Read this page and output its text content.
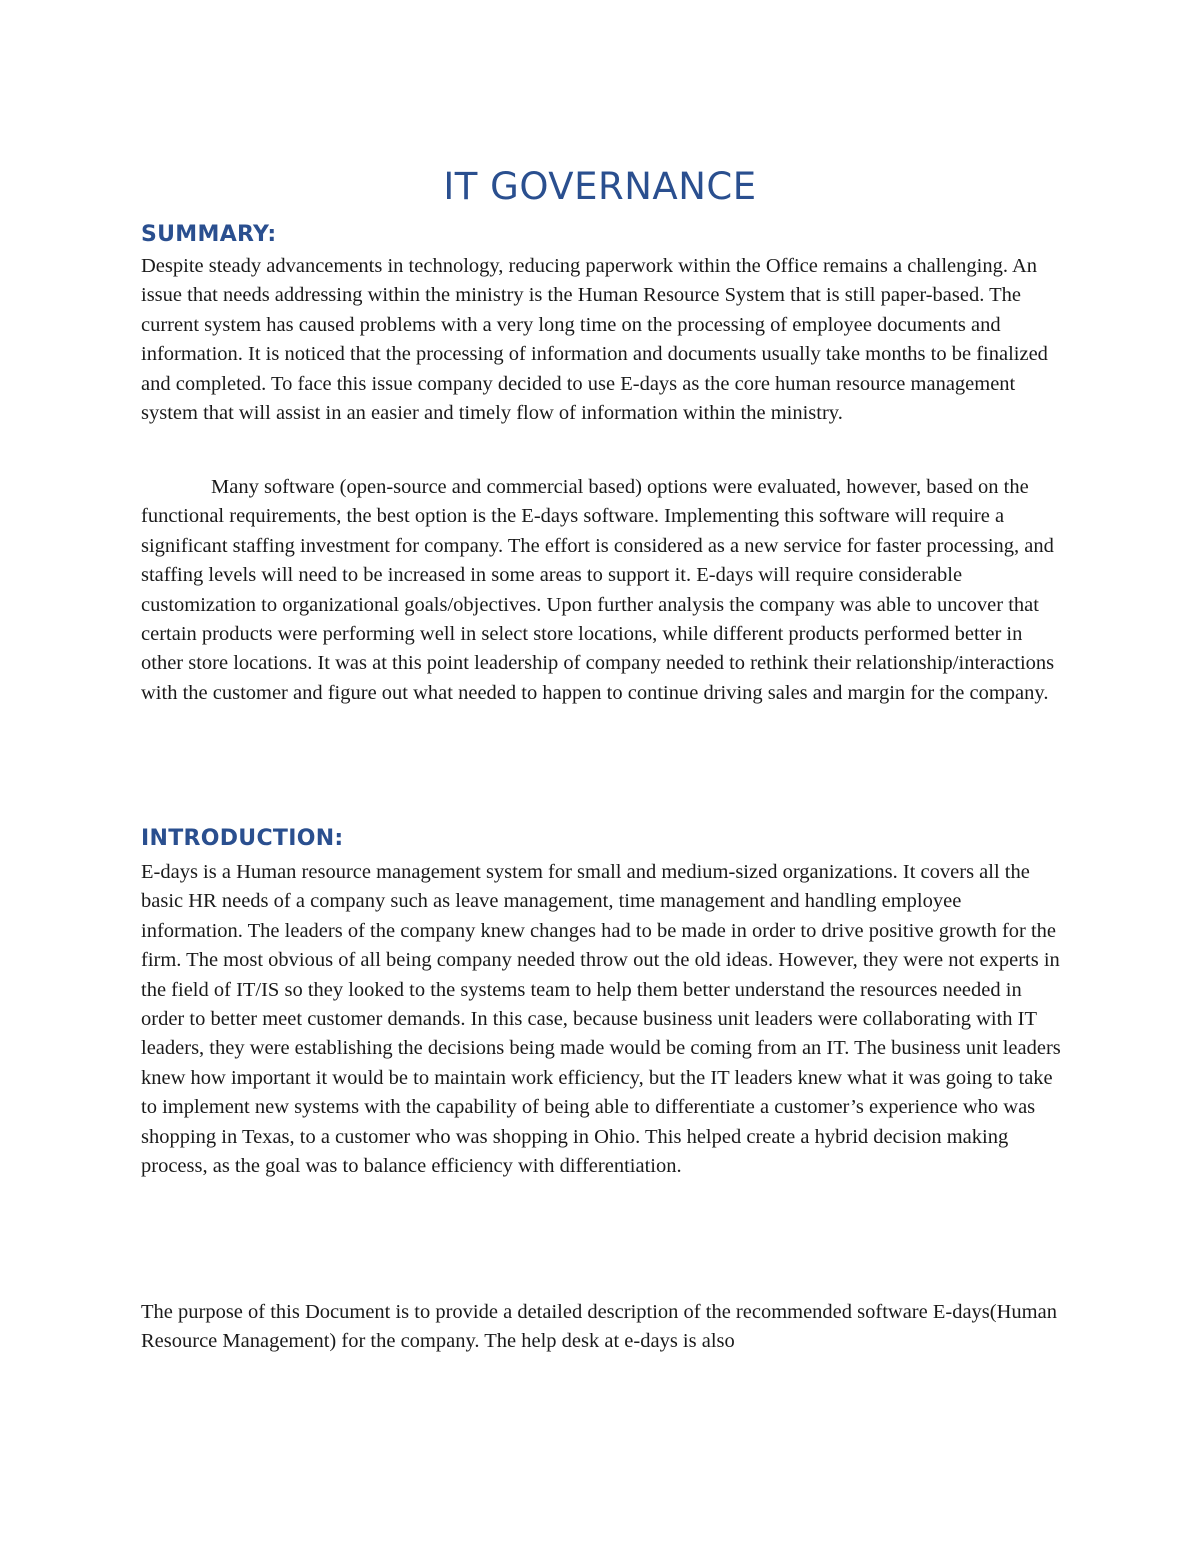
IT GOVERNANCE
SUMMARY:

Despite steady advancements in technology, reducing paperwork within the Office remains a challenging. An issue that needs addressing within the ministry is the Human Resource System that is still paper-based. The current system has caused problems with a very long time on the processing of employee documents and information. It is noticed that the processing of information and documents usually take months to be finalized and completed. To face this issue company decided to use E-days as the core human resource management system that will assist in an easier and timely flow of information within the ministry.

Many software (open-source and commercial based) options were evaluated, however, based on the functional requirements, the best option is the E-days software. Implementing this software will require a significant staffing investment for company. The effort is considered as a new service for faster processing, and staffing levels will need to be increased in some areas to support it. E-days will require considerable customization to organizational goals/objectives. Upon further analysis the company was able to uncover that certain products were performing well in select store locations, while different products performed better in other store locations. It was at this point leadership of company needed to rethink their relationship/interactions with the customer and figure out what needed to happen to continue driving sales and margin for the company.

INTRODUCTION:

E-days is a Human resource management system for small and medium-sized organizations. It covers all the basic HR needs of a company such as leave management, time management and handling employee information. The leaders of the company knew changes had to be made in order to drive positive growth for the firm. The most obvious of all being company needed throw out the old ideas. However, they were not experts in the field of IT/IS so they looked to the systems team to help them better understand the resources needed in order to better meet customer demands. In this case, because business unit leaders were collaborating with IT leaders, they were establishing the decisions being made would be coming from an IT. The business unit leaders knew how important it would be to maintain work efficiency, but the IT leaders knew what it was going to take to implement new systems with the capability of being able to differentiate a customer’s experience who was shopping in Texas, to a customer who was shopping in Ohio. This helped create a hybrid decision making process, as the goal was to balance efficiency with differentiation.

The purpose of this Document is to provide a detailed description of the recommended software E-days(Human Resource Management) for the company. The help desk at e-days is also
